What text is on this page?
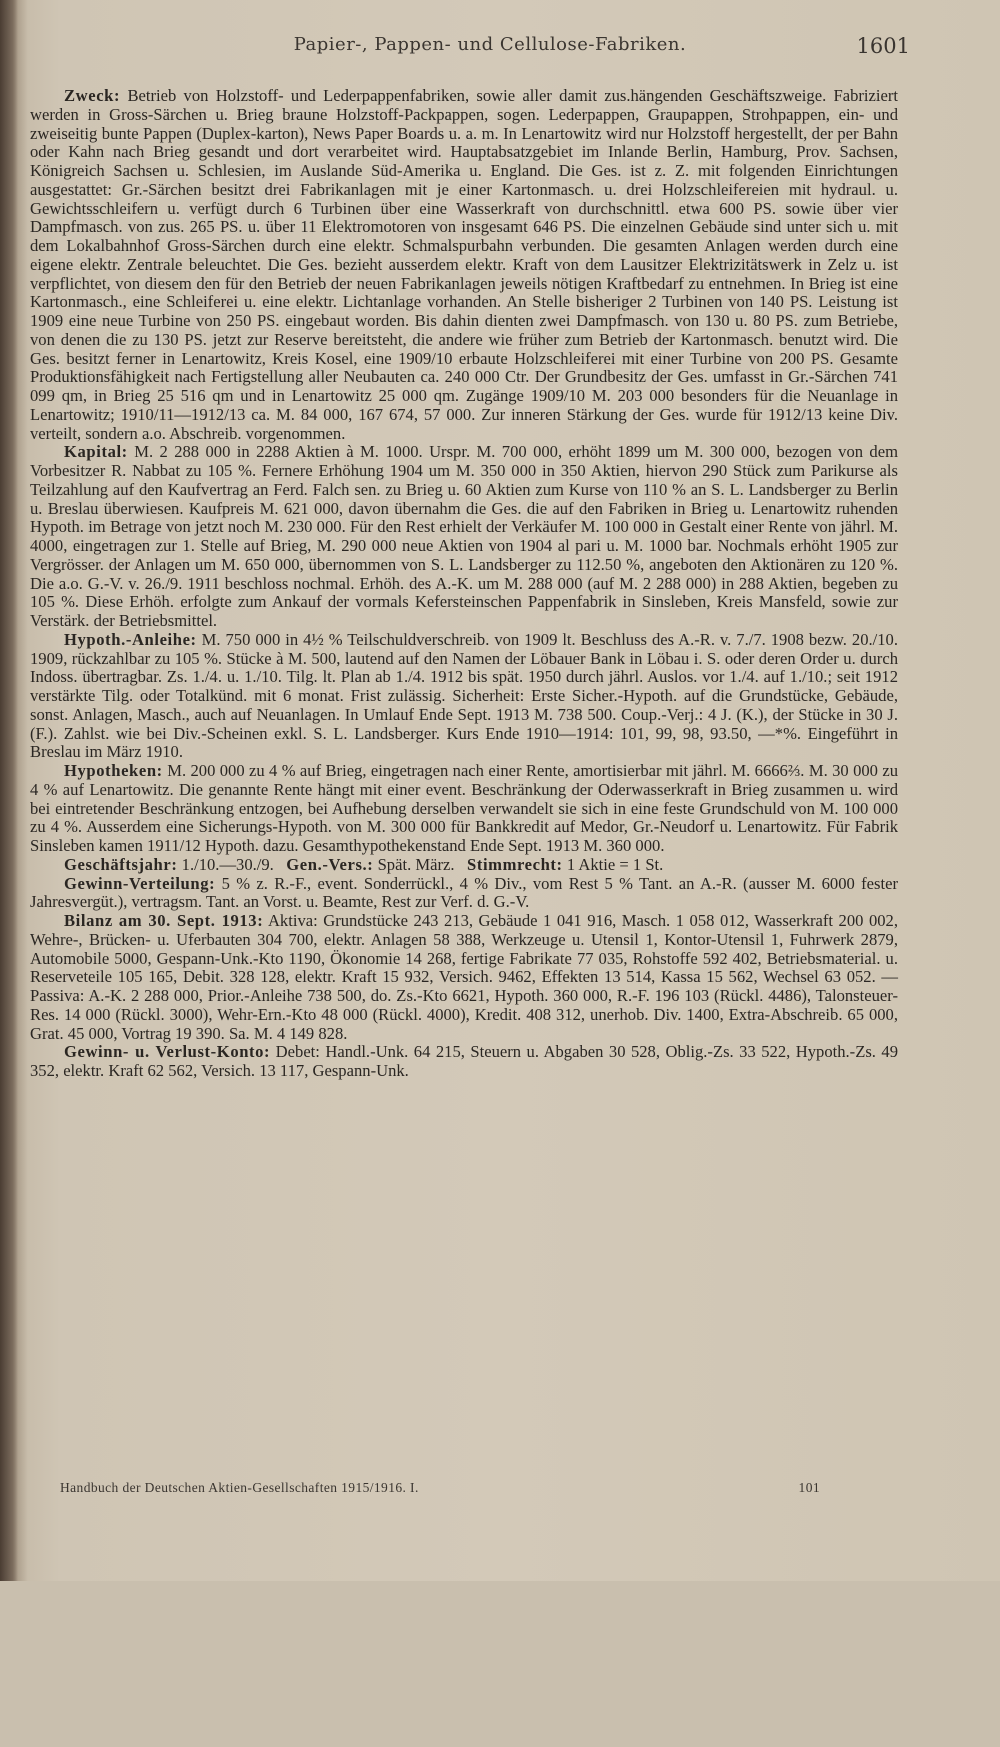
Papier-, Pappen- und Cellulose-Fabriken.	1601

Zweck: Betrieb von Holzstoff- und Lederpappenfabriken, sowie aller damit zus.hängenden Geschäftszweige. Fabriziert werden in Gross-Särchen u. Brieg braune Holzstoff-Packpappen, sogen. Lederpappen, Graupappen, Strohpappen, ein- und zweiseitig bunte Pappen (Duplex-karton), News Paper Boards u. a. m. In Lenartowitz wird nur Holzstoff hergestellt, der per Bahn oder Kahn nach Brieg gesandt und dort verarbeitet wird. Hauptabsatzgebiet im Inlande Berlin, Hamburg, Prov. Sachsen, Königreich Sachsen u. Schlesien, im Auslande Süd-Amerika u. England. Die Ges. ist z. Z. mit folgenden Einrichtungen ausgestattet: Gr.-Särchen besitzt drei Fabrikanlagen mit je einer Kartonmasch. u. drei Holzschleifereien mit hydraul. u. Gewichtsschleifern u. verfügt durch 6 Turbinen über eine Wasserkraft von durchschnittl. etwa 600 PS. sowie über vier Dampfmasch. von zus. 265 PS. u. über 11 Elektromotoren von insgesamt 646 PS. Die einzelnen Gebäude sind unter sich u. mit dem Lokalbahnhof Gross-Särchen durch eine elektr. Schmalspurbahn verbunden. Die gesamten Anlagen werden durch eine eigene elektr. Zentrale beleuchtet. Die Ges. bezieht ausserdem elektr. Kraft von dem Lausitzer Elektrizitätswerk in Zelz u. ist verpflichtet, von diesem den für den Betrieb der neuen Fabrikanlagen jeweils nötigen Kraftbedarf zu entnehmen. In Brieg ist eine Kartonmasch., eine Schleiferei u. eine elektr. Lichtanlage vorhanden. An Stelle bisheriger 2 Turbinen von 140 PS. Leistung ist 1909 eine neue Turbine von 250 PS. eingebaut worden. Bis dahin dienten zwei Dampfmasch. von 130 u. 80 PS. zum Betriebe, von denen die zu 130 PS. jetzt zur Reserve bereitsteht, die andere wie früher zum Betrieb der Kartonmasch. benutzt wird. Die Ges. besitzt ferner in Lenartowitz, Kreis Kosel, eine 1909/10 erbaute Holzschleiferei mit einer Turbine von 200 PS. Gesamte Produktionsfähigkeit nach Fertigstellung aller Neubauten ca. 240 000 Ctr. Der Grundbesitz der Ges. umfasst in Gr.-Särchen 741 099 qm, in Brieg 25 516 qm und in Lenartowitz 25 000 qm. Zugänge 1909/10 M. 203 000 besonders für die Neuanlage in Lenartowitz; 1910/11—1912/13 ca. M. 84 000, 167 674, 57 000. Zur inneren Stärkung der Ges. wurde für 1912/13 keine Div. verteilt, sondern a.o. Abschreib. vorgenommen.

Kapital: M. 2 288 000 in 2288 Aktien à M. 1000. Urspr. M. 700 000, erhöht 1899 um M. 300 000, bezogen von dem Vorbesitzer R. Nabbat zu 105 %. Fernere Erhöhung 1904 um M. 350 000 in 350 Aktien, hiervon 290 Stück zum Parikurse als Teilzahlung auf den Kaufvertrag an Ferd. Falch sen. zu Brieg u. 60 Aktien zum Kurse von 110 % an S. L. Landsberger zu Berlin u. Breslau überwiesen. Kaufpreis M. 621 000, davon übernahm die Ges. die auf den Fabriken in Brieg u. Lenartowitz ruhenden Hypoth. im Betrage von jetzt noch M. 230 000. Für den Rest erhielt der Verkäufer M. 100 000 in Gestalt einer Rente von jährl. M. 4000, eingetragen zur 1. Stelle auf Brieg, M. 290 000 neue Aktien von 1904 al pari u. M. 1000 bar. Nochmals erhöht 1905 zur Vergrösser. der Anlagen um M. 650 000, übernommen von S. L. Landsberger zu 112.50 %, angeboten den Aktionären zu 120 %. Die a.o. G.-V. v. 26./9. 1911 beschloss nochmal. Erhöh. des A.-K. um M. 288 000 (auf M. 2 288 000) in 288 Aktien, begeben zu 105 %. Diese Erhöh. erfolgte zum Ankauf der vormals Kefersteinschen Pappenfabrik in Sinsleben, Kreis Mansfeld, sowie zur Verstärk. der Betriebsmittel.

Hypoth.-Anleihe: M. 750 000 in 4½ % Teilschuldverschreib. von 1909 lt. Beschluss des A.-R. v. 7./7. 1908 bezw. 20./10. 1909, rückzahlbar zu 105 %. Stücke à M. 500, lautend auf den Namen der Löbauer Bank in Löbau i. S. oder deren Order u. durch Indoss. übertragbar. Zs. 1./4. u. 1./10. Tilg. lt. Plan ab 1./4. 1912 bis spät. 1950 durch jährl. Auslos. vor 1./4. auf 1./10.; seit 1912 verstärkte Tilg. oder Totalkünd. mit 6 monat. Frist zulässig. Sicherheit: Erste Sicher.-Hypoth. auf die Grundstücke, Gebäude, sonst. Anlagen, Masch., auch auf Neuanlagen. In Umlauf Ende Sept. 1913 M. 738 500. Coup.-Verj.: 4 J. (K.), der Stücke in 30 J. (F.). Zahlst. wie bei Div.-Scheinen exkl. S. L. Landsberger. Kurs Ende 1910—1914: 101, 99, 98, 93.50, —*%. Eingeführt in Breslau im März 1910.

Hypotheken: M. 200 000 zu 4 % auf Brieg, eingetragen nach einer Rente, amortisierbar mit jährl. M. 6666⅔. M. 30 000 zu 4 % auf Lenartowitz. Die genannte Rente hängt mit einer event. Beschränkung der Oderwasserkraft in Brieg zusammen u. wird bei eintretender Beschränkung entzogen, bei Aufhebung derselben verwandelt sie sich in eine feste Grundschuld von M. 100 000 zu 4 %. Ausserdem eine Sicherungs-Hypoth. von M. 300 000 für Bankkredit auf Medor, Gr.-Neudorf u. Lenartowitz. Für Fabrik Sinsleben kamen 1911/12 Hypoth. dazu. Gesamthypothekenstand Ende Sept. 1913 M. 360 000.

Geschäftsjahr: 1./10.—30./9. Gen.-Vers.: Spät. März. Stimmrecht: 1 Aktie = 1 St.

Gewinn-Verteilung: 5 % z. R.-F., event. Sonderrückl., 4 % Div., vom Rest 5 % Tant. an A.-R. (ausser M. 6000 fester Jahresvergüt.), vertragsm. Tant. an Vorst. u. Beamte, Rest zur Verf. d. G.-V.

Bilanz am 30. Sept. 1913: Aktiva: Grundstücke 243 213, Gebäude 1 041 916, Masch. 1 058 012, Wasserkraft 200 002, Wehre-, Brücken- u. Uferbauten 304 700, elektr. Anlagen 58 388, Werkzeuge u. Utensil 1, Kontor-Utensil 1, Fuhrwerk 2879, Automobile 5000, Gespann-Unk.-Kto 1190, Ökonomie 14 268, fertige Fabrikate 77 035, Rohstoffe 592 402, Betriebsmaterial. u. Reserveteile 105 165, Debit. 328 128, elektr. Kraft 15 932, Versich. 9462, Effekten 13 514, Kassa 15 562, Wechsel 63 052. — Passiva: A.-K. 2 288 000, Prior.-Anleihe 738 500, do. Zs.-Kto 6621, Hypoth. 360 000, R.-F. 196 103 (Rückl. 4486), Talonsteuer-Res. 14 000 (Rückl. 3000), Wehr-Ern.-Kto 48 000 (Rückl. 4000), Kredit. 408 312, unerhob. Div. 1400, Extra-Abschreib. 65 000, Grat. 45 000, Vortrag 19 390. Sa. M. 4 149 828.

Gewinn- u. Verlust-Konto: Debet: Handl.-Unk. 64 215, Steuern u. Abgaben 30 528, Oblig.-Zs. 33 522, Hypoth.-Zs. 49 352, elektr. Kraft 62 562, Versich. 13 117, Gespann-Unk.

Handbuch der Deutschen Aktien-Gesellschaften 1915/1916. I.	101
